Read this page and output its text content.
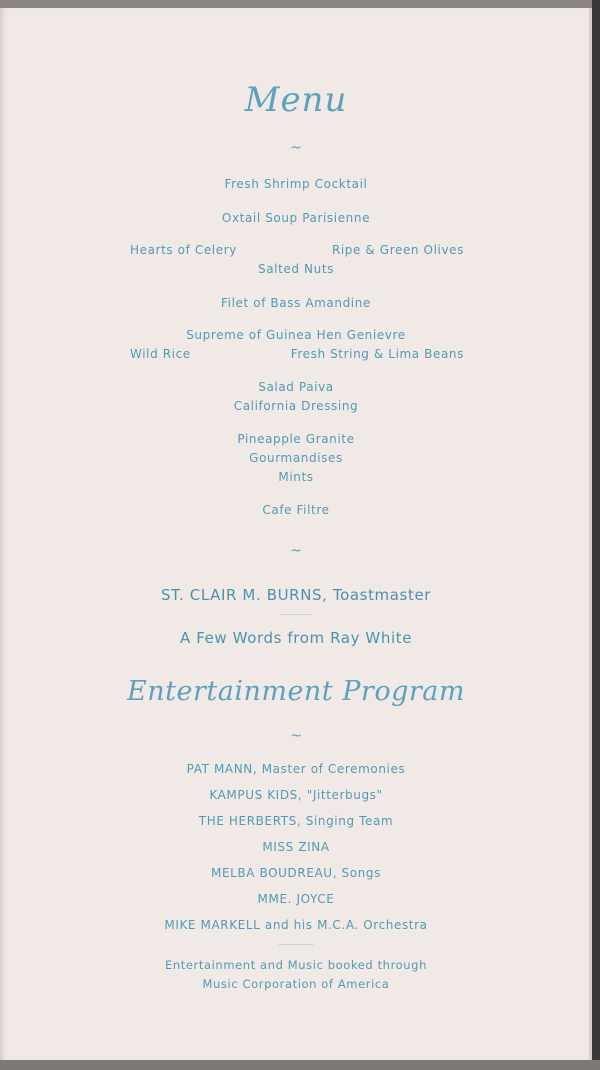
Menu
~
Fresh Shrimp Cocktail
Oxtail Soup Parisienne
Hearts of Celery	Ripe & Green Olives
Salted Nuts
Filet of Bass Amandine
Supreme of Guinea Hen Genievre
Wild Rice	Fresh String & Lima Beans
Salad Paiva
California Dressing
Pineapple Granite
Gourmandises
Mints
Cafe Filtre
~
ST. CLAIR M. BURNS, Toastmaster
A Few Words from Ray White
Entertainment Program
~
PAT MANN, Master of Ceremonies
KAMPUS KIDS, "Jitterbugs"
THE HERBERTS, Singing Team
MISS ZINA
MELBA BOUDREAU, Songs
MME. JOYCE
MIKE MARKELL and his M.C.A. Orchestra
Entertainment and Music booked through
Music Corporation of America
